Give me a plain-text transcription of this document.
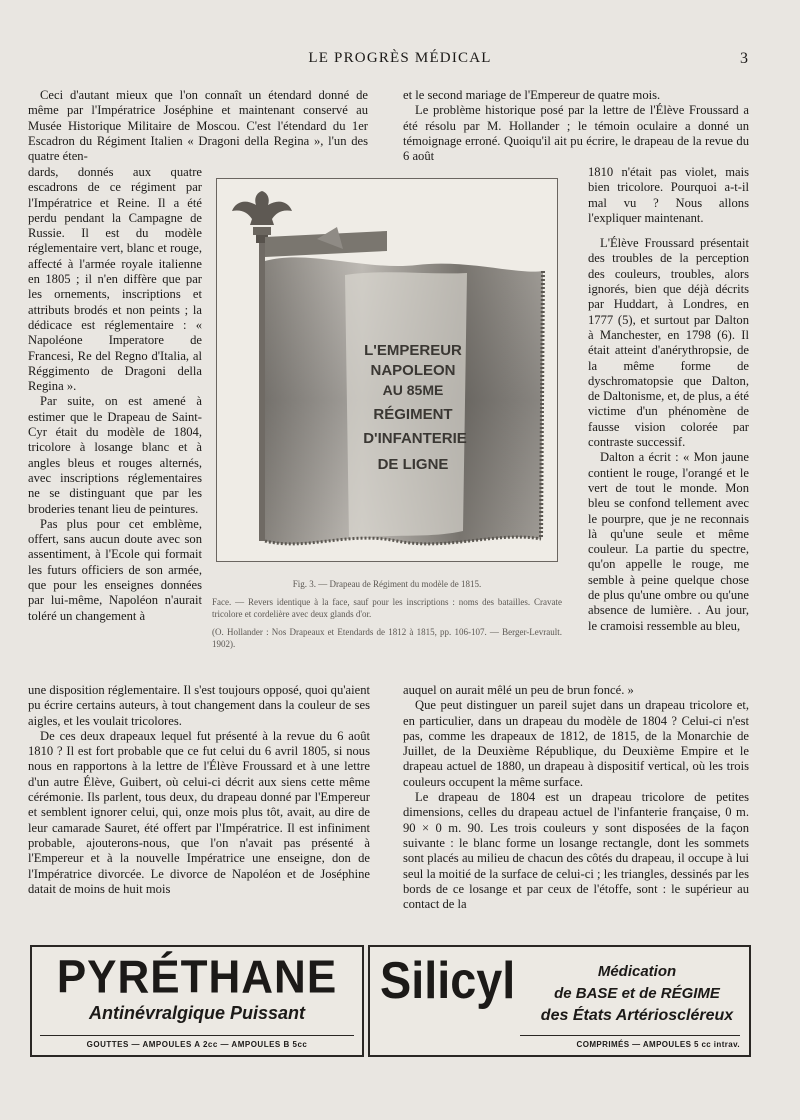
LE PROGRÈS MÉDICAL	3

Ceci d'autant mieux que l'on connaît un étendard donné de même par l'Impératrice Joséphine et maintenant conservé au Musée Historique Militaire de Moscou. C'est l'étendard du 1er Escadron du Régiment Italien « Dragoni della Regina », l'un des quatre éten-

dards, donnés aux quatre escadrons de ce régiment par l'Impératrice et Reine. Il a été perdu pendant la Campagne de Russie. Il est du modèle réglementaire vert, blanc et rouge, affecté à l'armée royale italienne en 1805 ; il n'en diffère que par les ornements, inscriptions et attributs brodés et non peints ; la dédicace est réglementaire : « Napoléone Imperatore de Francesi, Re del Regno d'Italia, al Réggimento de Dragoni della Regina ».

Par suite, on est amené à estimer que le Drapeau de Saint-Cyr était du modèle de 1804, tricolore à losange blanc et à angles bleus et rouges alternés, avec inscriptions réglementaires ne se distinguant que par les broderies tenant lieu de peintures.

Pas plus pour cet emblème, offert, sans aucun doute avec son assentiment, à l'Ecole qui formait les futurs officiers de son armée, que pour les enseignes données par lui-même, Napoléon n'aurait toléré un changement à

une disposition réglementaire. Il s'est toujours opposé, quoi qu'aient pu écrire certains auteurs, à tout changement dans la couleur de ses aigles, et les voulait tricolores.

De ces deux drapeaux lequel fut présenté à la revue du 6 août 1810 ? Il est fort probable que ce fut celui du 6 avril 1805, si nous nous en rapportons à la lettre de l'Élève Froussard et à une lettre d'un autre Élève, Guibert, où celui-ci décrit aux siens cette même cérémonie. Ils parlent, tous deux, du drapeau donné par l'Empereur et semblent ignorer celui, qui, onze mois plus tôt, avait, au dire de leur camarade Sauret, été offert par l'Impératrice. Il est infiniment probable, ajouterons-nous, que l'on n'avait pas présenté à l'Empereur et à la nouvelle Impératrice une enseigne, don de l'Impératrice divorcée. Le divorce de Napoléon et de Joséphine datait de moins de huit mois

et le second mariage de l'Empereur de quatre mois.

Le problème historique posé par la lettre de l'Élève Froussard a été résolu par M. Hollander ; le témoin oculaire a donné un témoignage erroné. Quoiqu'il ait pu écrire, le drapeau de la revue du 6 août

1810 n'était pas violet, mais bien tricolore. Pourquoi a-t-il mal vu ? Nous allons l'expliquer maintenant.

L'Élève Froussard présentait des troubles de la perception des couleurs, troubles, alors ignorés, bien que déjà décrits par Huddart, à Londres, en 1777 (5), et surtout par Dalton à Manchester, en 1798 (6). Il était atteint d'anérythropsie, de la même forme de dyschromatopsie que Dalton, de Daltonisme, et, de plus, a été victime d'un phénomène de fausse vision colorée par contraste successif.

Dalton a écrit : « Mon jaune contient le rouge, l'orangé et le vert de tout le monde. Mon bleu se confond tellement avec le pourpre, que je ne reconnais là qu'une seule et même couleur. La partie du spectre, qu'on appelle le rouge, me semble à peine quelque chose de plus qu'une ombre ou qu'une absence de lumière. . Au jour, le cramoisi ressemble au bleu,

auquel on aurait mêlé un peu de brun foncé. »

Que peut distinguer un pareil sujet dans un drapeau tricolore et, en particulier, dans un drapeau du modèle de 1804 ? Celui-ci n'est pas, comme les drapeaux de 1812, de 1815, de la Monarchie de Juillet, de la Deuxième République, du Deuxième Empire et le drapeau actuel de 1880, un drapeau à dispositif vertical, où les trois couleurs occupent la même surface.

Le drapeau de 1804 est un drapeau tricolore de petites dimensions, celles du drapeau actuel de l'infanterie française, 0 m. 90 × 0 m. 90. Les trois couleurs y sont disposées de la façon suivante : le blanc forme un losange rectangle, dont les sommets sont placés au milieu de chacun des côtés du drapeau, il occupe à lui seul la moitié de la surface de celui-ci ; les triangles, dessinés par les bords de ce losange et par ceux de l'étoffe, sont : le supérieur au contact de la

L'EMPEREUR
NAPOLEON
AU 85ME
RÉGIMENT
D'INFANTERIE
DE LIGNE
Fig. 3. — Drapeau de Régiment du modèle de 1815.
Face. — Revers identique à la face, sauf pour les inscriptions : noms des batailles. Cravate tricolore et cordelière avec deux glands d'or.
(O. Hollander : Nos Drapeaux et Etendards de 1812 à 1815, pp. 106-107. — Berger-Levrault. 1902).
PYRÉTHANE
Antinévralgique Puissant
GOUTTES — AMPOULES A 2cc — AMPOULES B 5cc
Silicyl	Médication
de BASE et de RÉGIME
des États Artérioscléreux
COMPRIMÉS — AMPOULES 5 cc intrav.
